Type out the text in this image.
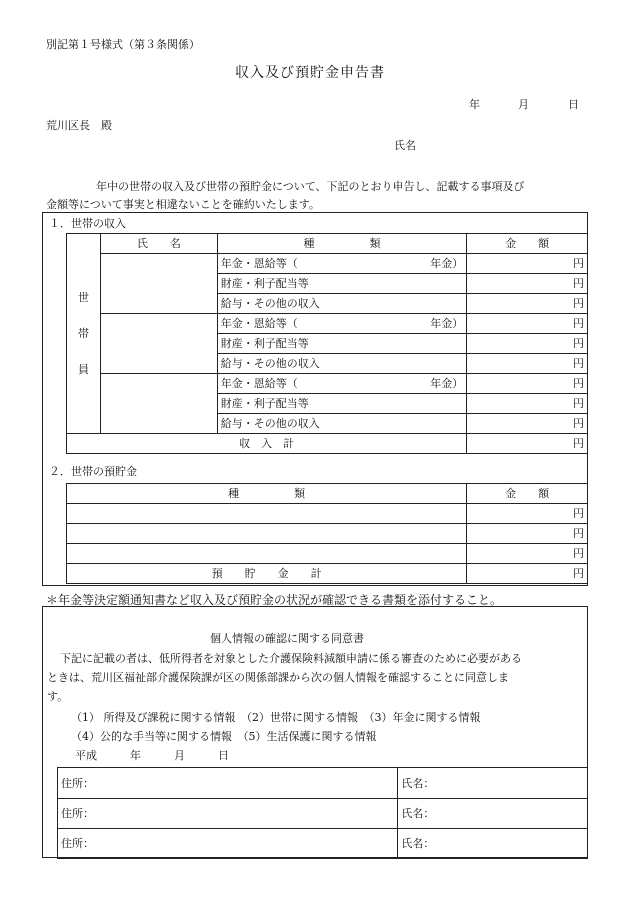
別記第１号様式（第３条関係）
収入及び預貯金申告書
年	月	日
荒川区長　殿
氏名
年中の世帯の収入及び世帯の預貯金について、下記のとおり申告し、記載する事項及び
金額等について事実と相違ないことを確約いたします。
１．世帯の収入
世
帯
員	氏　　名	種　　　　　類	金　　額
		年金・恩給等（ 年金）	円
		財産・利子配当等	円
		給与・その他の収入	円
		年金・恩給等（ 年金）	円
		財産・利子配当等	円
		給与・その他の収入	円
		年金・恩給等（ 年金）	円
		財産・利子配当等	円
		給与・その他の収入	円
収　入　計			円
２．世帯の預貯金
種　　　　　類	金　　額
	円
	円
	円
預　　貯　　金　　計	円
＊年金等決定額通知書など収入及び預貯金の状況が確認できる書類を添付すること。
個人情報の確認に関する同意書
下記に記載の者は、低所得者を対象とした介護保険料減額申請に係る審査のために必要がある
ときは、荒川区福祉部介護保険課が区の関係部課から次の個人情報を確認することに同意しま
す。
（1） 所得及び課税に関する情報　（2）世帯に関する情報　（3）年金に関する情報
（4）公的な手当等に関する情報　（5）生活保護に関する情報
平成　　　年　　　月　　　日
住所：	氏名：
住所：	氏名：
住所：	氏名：
